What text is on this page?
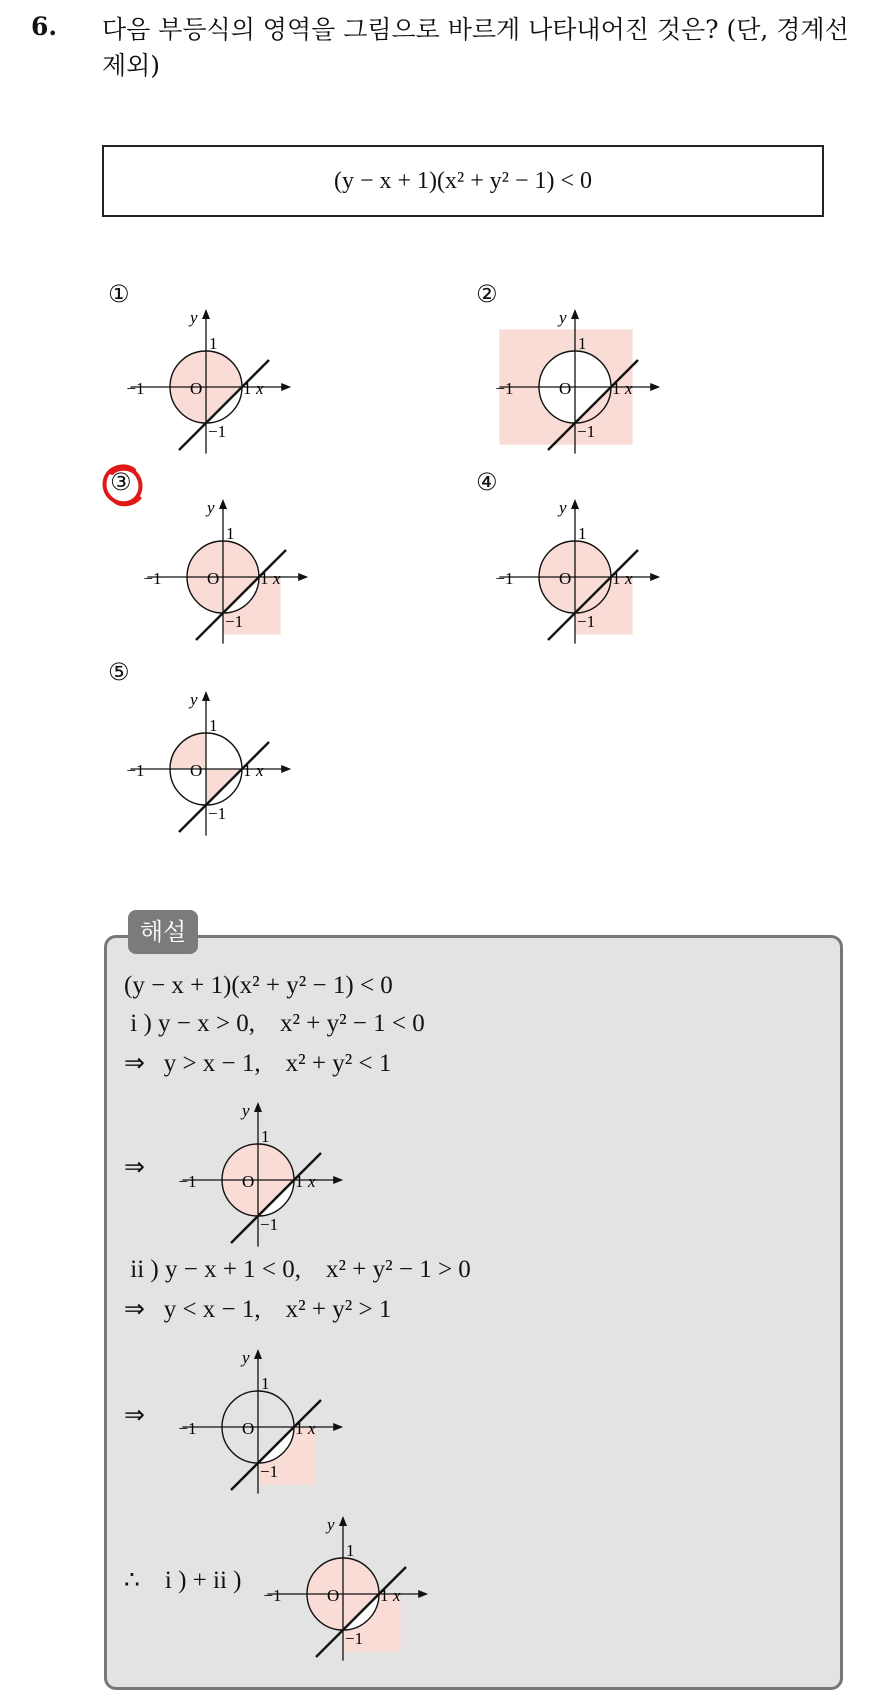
6. 다음 부등식의 영역을 그림으로 바르게 나타내어진 것은? (단, 경계선 제외)
(y − x + 1)(x² + y² − 1) < 0
①	②
③	④
⑤
y
1
−1	O 1 x
−1
y
1
−1	O 1 x
−1
y
1
−1	O 1 x
−1
y
1
−1	O 1 x
−1
y
1
−1	O 1 x
−1
해설
(y − x + 1)(x² + y² − 1) < 0
i ) y − x > 0,    x² + y² − 1 < 0
⇒   y > x − 1,    x² + y² < 1
⇒
y
1
−1	O 1 x
−1
ii ) y − x + 1 < 0,    x² + y² − 1 > 0
⇒   y < x − 1,    x² + y² > 1
⇒
y
1
−1	O 1 x
−1
∴    i ) + ii )
y
1
−1	O 1 x
−1
